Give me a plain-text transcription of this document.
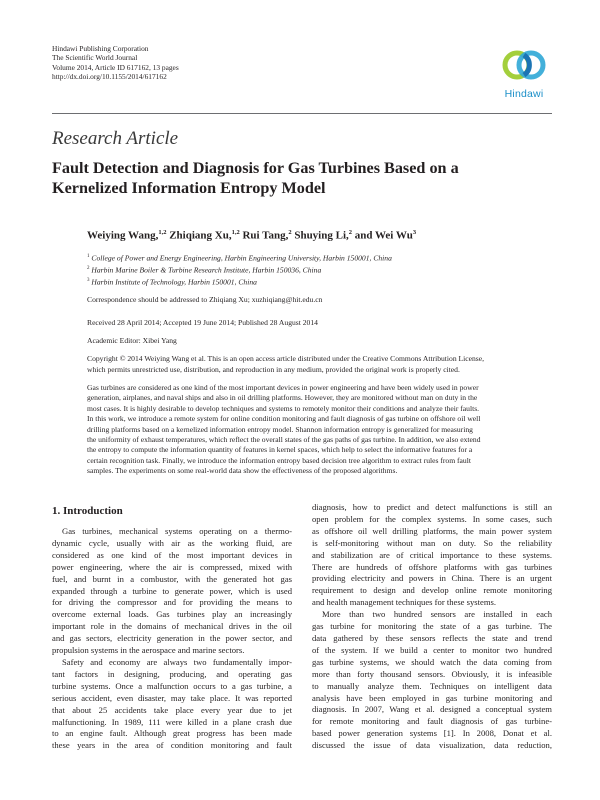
Hindawi Publishing Corporation
The Scientific World Journal
Volume 2014, Article ID 617162, 13 pages
http://dx.doi.org/10.1155/2014/617162
Hindawi
Research Article
Fault Detection and Diagnosis for Gas Turbines Based on a
Kernelized Information Entropy Model
Weiying Wang,$^{1,2}$ Zhiqiang Xu,$^{1,2}$ Rui Tang,$^2$ Shuying Li,$^2$ and Wei Wu$^3$
$^1$ College of Power and Energy Engineering, Harbin Engineering University, Harbin 150001, China
$^2$ Harbin Marine Boiler & Turbine Research Institute, Harbin 150036, China
$^3$ Harbin Institute of Technology, Harbin 150001, China
Correspondence should be addressed to Zhiqiang Xu; xuzhiqiang@hit.edu.cn
Received 28 April 2014; Accepted 19 June 2014; Published 28 August 2014
Academic Editor: Xibei Yang
Copyright © 2014 Weiying Wang et al. This is an open access article distributed under the Creative Commons Attribution License,
which permits unrestricted use, distribution, and reproduction in any medium, provided the original work is properly cited.
Gas turbines are considered as one kind of the most important devices in power engineering and have been widely used in power
generation, airplanes, and naval ships and also in oil drilling platforms. However, they are monitored without man on duty in the
most cases. It is highly desirable to develop techniques and systems to remotely monitor their conditions and analyze their faults.
In this work, we introduce a remote system for online condition monitoring and fault diagnosis of gas turbine on offshore oil well
drilling platforms based on a kernelized information entropy model. Shannon information entropy is generalized for measuring
the uniformity of exhaust temperatures, which reflect the overall states of the gas paths of gas turbine. In addition, we also extend
the entropy to compute the information quantity of features in kernel spaces, which help to select the informative features for a
certain recognition task. Finally, we introduce the information entropy based decision tree algorithm to extract rules from fault
samples. The experiments on some real-world data show the effectiveness of the proposed algorithms.
1. Introduction
Gas turbines, mechanical systems operating on a thermo-
dynamic cycle, usually with air as the working fluid, are
considered as one kind of the most important devices in
power engineering, where the air is compressed, mixed with
fuel, and burnt in a combustor, with the generated hot gas
expanded through a turbine to generate power, which is used
for driving the compressor and for providing the means to
overcome external loads. Gas turbines play an increasingly
important role in the domains of mechanical drives in the oil
and gas sectors, electricity generation in the power sector, and
propulsion systems in the aerospace and marine sectors.
Safety and economy are always two fundamentally impor-
tant factors in designing, producing, and operating gas
turbine systems. Once a malfunction occurs to a gas turbine, a
serious accident, even disaster, may take place. It was reported
that about 25 accidents take place every year due to jet
malfunctioning. In 1989, 111 were killed in a plane crash due
to an engine fault. Although great progress has been made
these years in the area of condition monitoring and fault
diagnosis, how to predict and detect malfunctions is still an
open problem for the complex systems. In some cases, such
as offshore oil well drilling platforms, the main power system
is self-monitoring without man on duty. So the reliability
and stabilization are of critical importance to these systems.
There are hundreds of offshore platforms with gas turbines
providing electricity and powers in China. There is an urgent
requirement to design and develop online remote monitoring
and health management techniques for these systems.
More than two hundred sensors are installed in each
gas turbine for monitoring the state of a gas turbine. The
data gathered by these sensors reflects the state and trend
of the system. If we build a center to monitor two hundred
gas turbine systems, we should watch the data coming from
more than forty thousand sensors. Obviously, it is infeasible
to manually analyze them. Techniques on intelligent data
analysis have been employed in gas turbine monitoring and
diagnosis. In 2007, Wang et al. designed a conceptual system
for remote monitoring and fault diagnosis of gas turbine-
based power generation systems [1]. In 2008, Donat et al.
discussed the issue of data visualization, data reduction,
